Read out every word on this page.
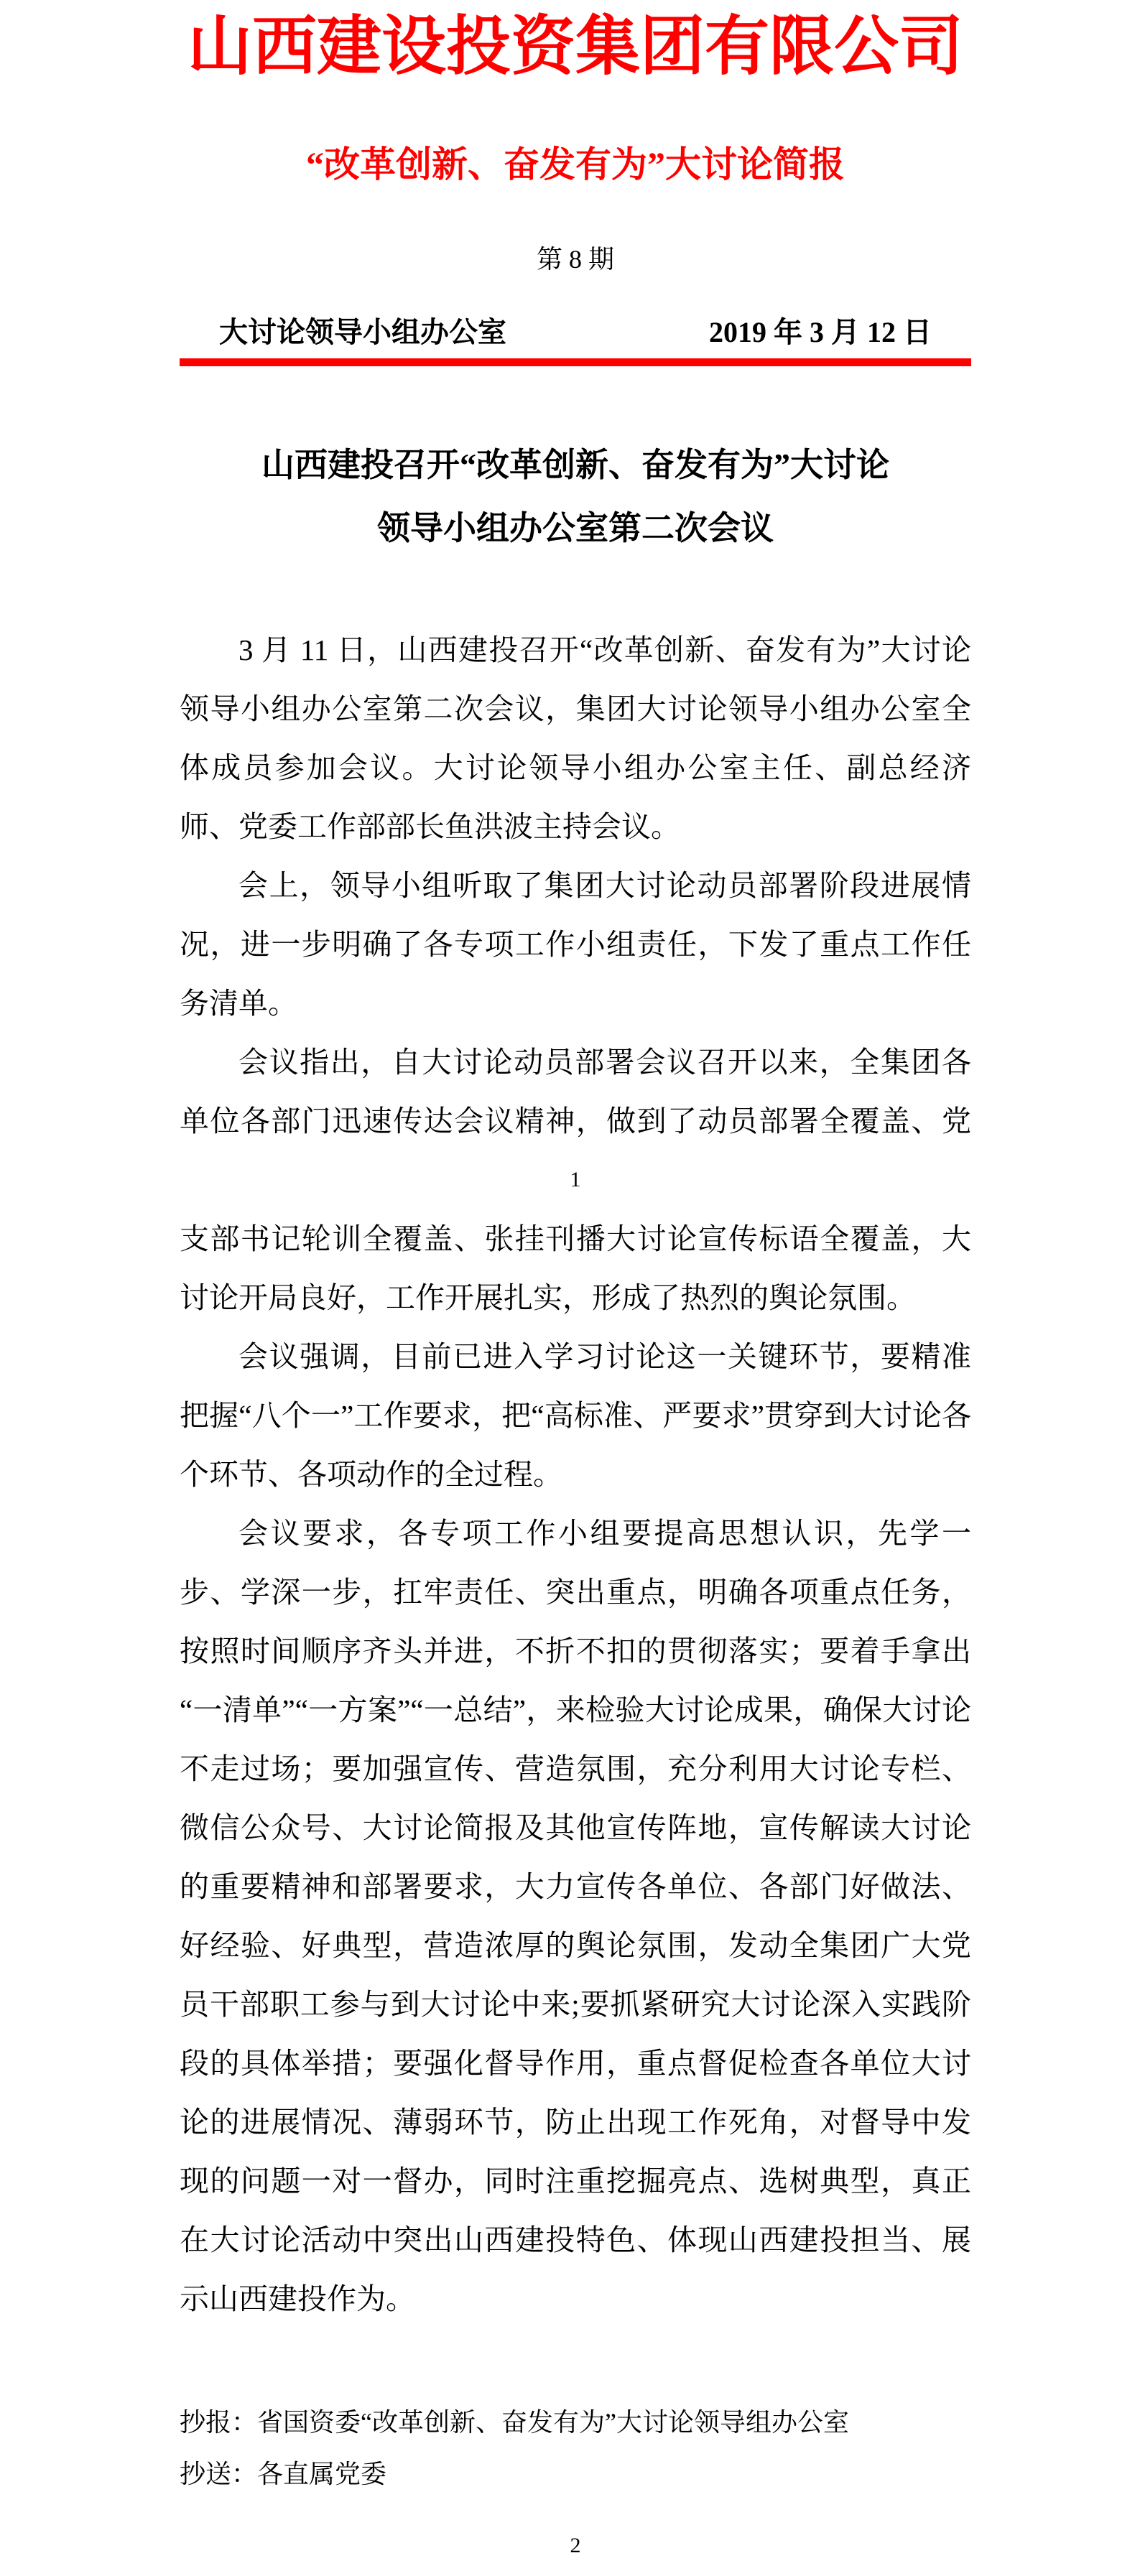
山西建设投资集团有限公司
“改革创新、奋发有为”大讨论简报
第 8 期
大讨论领导小组办公室	2019 年 3 月 12 日
山西建投召开“改革创新、奋发有为”大讨论
领导小组办公室第二次会议

3 月 11 日，山西建投召开“改革创新、奋发有为”大讨论领导小组办公室第二次会议，集团大讨论领导小组办公室全体成员参加会议。大讨论领导小组办公室主任、副总经济师、党委工作部部长鱼洪波主持会议。

会上，领导小组听取了集团大讨论动员部署阶段进展情况，进一步明确了各专项工作小组责任，下发了重点工作任务清单。

会议指出，自大讨论动员部署会议召开以来，全集团各单位各部门迅速传达会议精神，做到了动员部署全覆盖、党

1

支部书记轮训全覆盖、张挂刊播大讨论宣传标语全覆盖，大讨论开局良好，工作开展扎实，形成了热烈的舆论氛围。

会议强调，目前已进入学习讨论这一关键环节，要精准把握“八个一”工作要求，把“高标准、严要求”贯穿到大讨论各个环节、各项动作的全过程。

会议要求，各专项工作小组要提高思想认识，先学一步、学深一步，扛牢责任、突出重点，明确各项重点任务，按照时间顺序齐头并进，不折不扣的贯彻落实；要着手拿出“一清单”“一方案”“一总结”，来检验大讨论成果，确保大讨论不走过场；要加强宣传、营造氛围，充分利用大讨论专栏、微信公众号、大讨论简报及其他宣传阵地，宣传解读大讨论的重要精神和部署要求，大力宣传各单位、各部门好做法、好经验、好典型，营造浓厚的舆论氛围，发动全集团广大党员干部职工参与到大讨论中来;要抓紧研究大讨论深入实践阶段的具体举措；要强化督导作用，重点督促检查各单位大讨论的进展情况、薄弱环节，防止出现工作死角，对督导中发现的问题一对一督办，同时注重挖掘亮点、选树典型，真正在大讨论活动中突出山西建投特色、体现山西建投担当、展示山西建投作为。

抄报：省国资委“改革创新、奋发有为”大讨论领导组办公室
抄送：各直属党委
2
